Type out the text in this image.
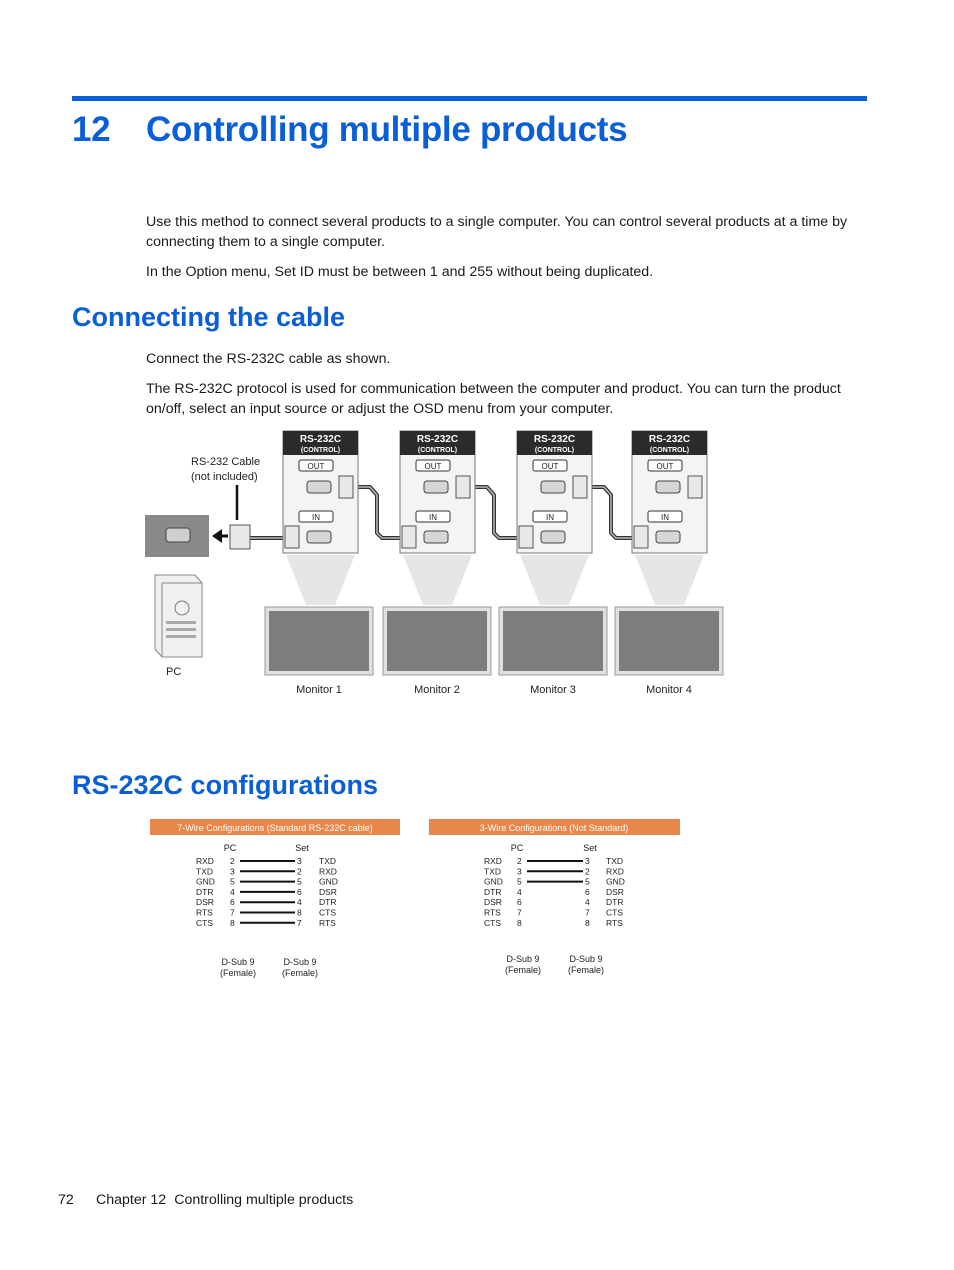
12 Controlling multiple products
Use this method to connect several products to a single computer. You can control several products at a time by connecting them to a single computer.
In the Option menu, Set ID must be between 1 and 255 without being duplicated.
Connecting the cable
Connect the RS-232C cable as shown.
The RS-232C protocol is used for communication between the computer and product. You can turn the product on/off, select an input source or adjust the OSD menu from your computer.
RS-232 Cable
(not included)
PC
RS-232C
(CONTROL)
OUT
IN
RS-232C
(CONTROL)
OUT
IN
RS-232C
(CONTROL)
OUT
IN
RS-232C
(CONTROL)
OUT
IN
Monitor 1	Monitor 2	Monitor 3	Monitor 4
RS-232C configurations
7-Wire Configurations (Standard RS-232C cable)
PC	Set
RXD 2	3 TXD
TXD 3	2 RXD
GND 5	5 GND
DTR 4	6 DSR
DSR 6	4 DTR
RTS 7	8 CTS
CTS 8	7 RTS
D-Sub 9
(Female)
D-Sub 9
(Female)
3-Wire Configurations (Not Standard)
PC	Set
RXD 2	3 TXD
TXD 3	2 RXD
GND 5	5 GND
DTR 4	6 DSR
DSR 6	4 DTR
RTS 7	7 CTS
CTS 8	8 RTS
D-Sub 9
(Female)
D-Sub 9
(Female)
72 Chapter 12 Controlling multiple products
